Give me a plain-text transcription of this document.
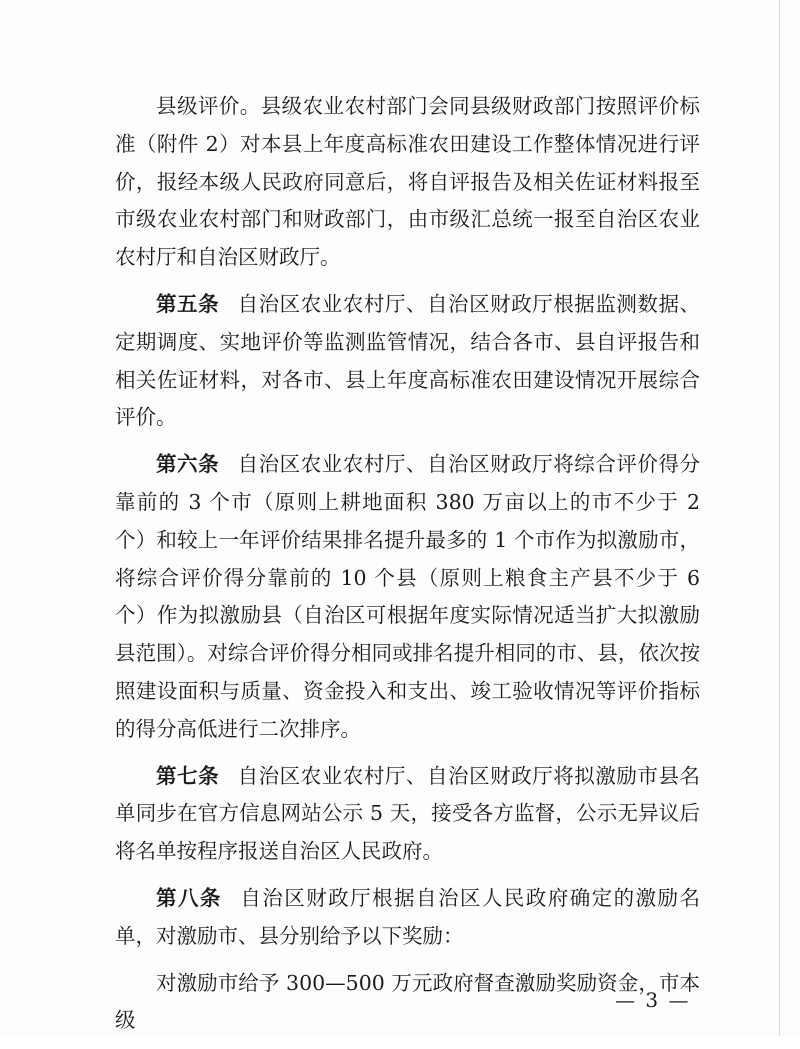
县级评价。县级农业农村部门会同县级财政部门按照评价标准（附件 2）对本县上年度高标准农田建设工作整体情况进行评价，报经本级人民政府同意后，将自评报告及相关佐证材料报至市级农业农村部门和财政部门，由市级汇总统一报至自治区农业农村厅和自治区财政厅。

第五条 自治区农业农村厅、自治区财政厅根据监测数据、定期调度、实地评价等监测监管情况，结合各市、县自评报告和相关佐证材料，对各市、县上年度高标准农田建设情况开展综合评价。

第六条 自治区农业农村厅、自治区财政厅将综合评价得分靠前的 3 个市（原则上耕地面积 380 万亩以上的市不少于 2 个）和较上一年评价结果排名提升最多的 1 个市作为拟激励市，将综合评价得分靠前的 10 个县（原则上粮食主产县不少于 6 个）作为拟激励县（自治区可根据年度实际情况适当扩大拟激励县范围）。对综合评价得分相同或排名提升相同的市、县，依次按照建设面积与质量、资金投入和支出、竣工验收情况等评价指标的得分高低进行二次排序。

第七条 自治区农业农村厅、自治区财政厅将拟激励市县名单同步在官方信息网站公示 5 天，接受各方监督，公示无异议后将名单按程序报送自治区人民政府。

第八条 自治区财政厅根据自治区人民政府确定的激励名单，对激励市、县分别给予以下奖励：

对激励市给予 300—500 万元政府督查激励奖励资金，市本级

— 3 —
